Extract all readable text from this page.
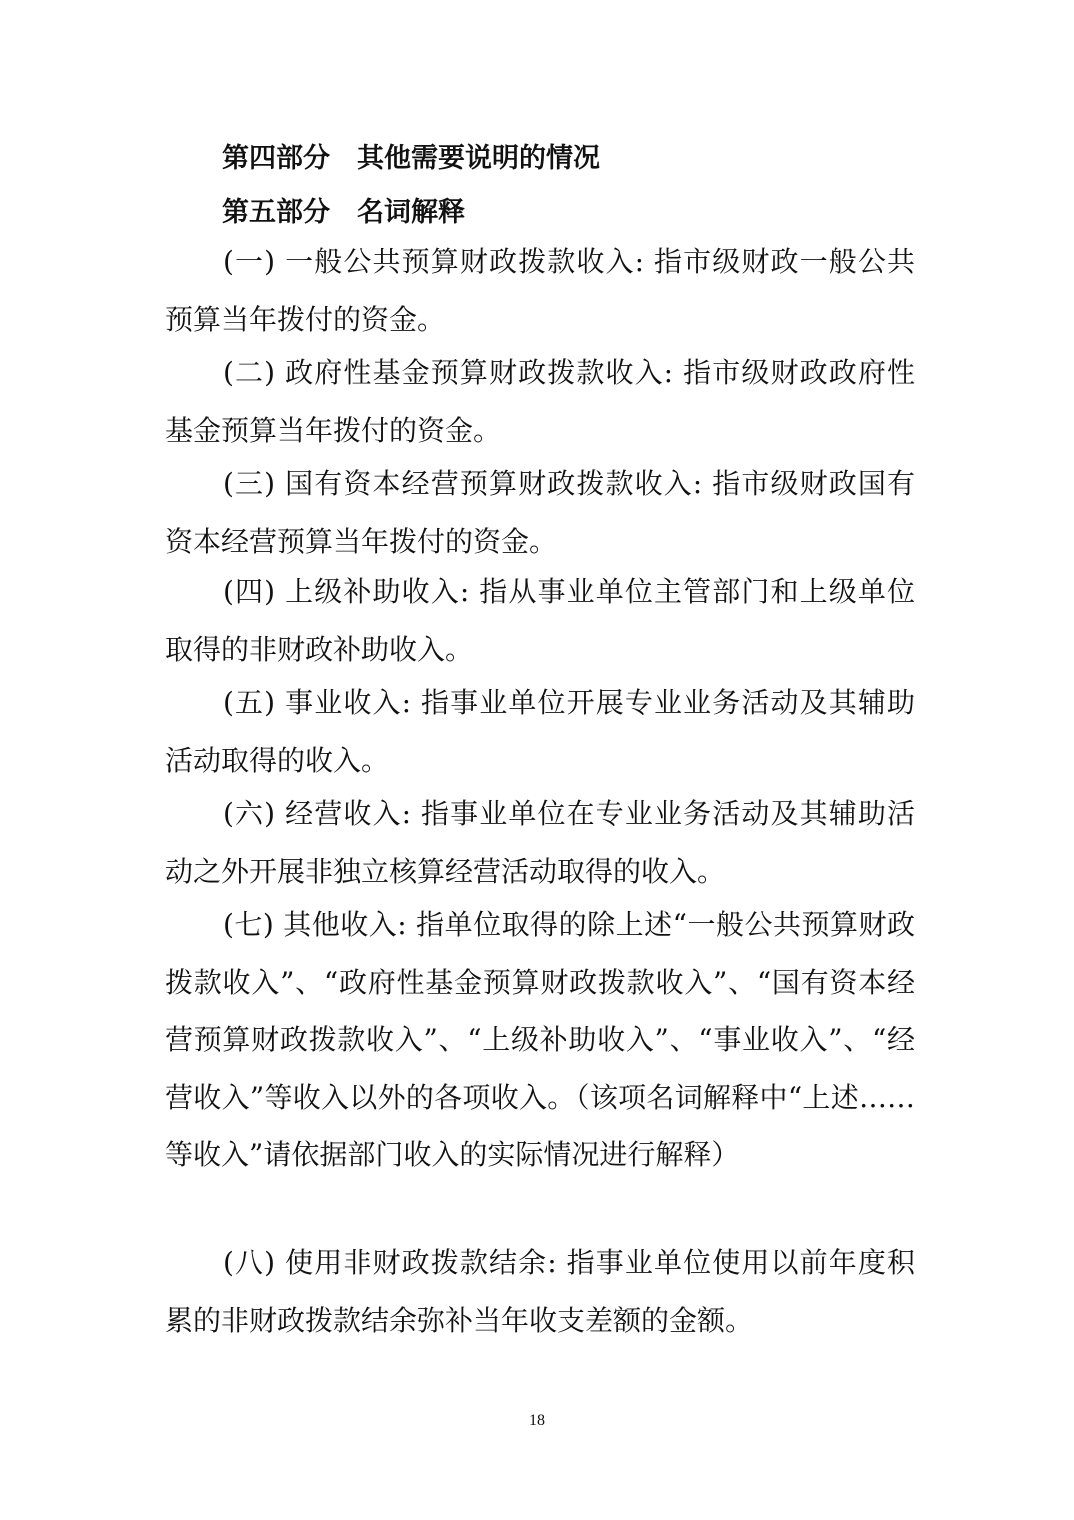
第四部分　其他需要说明的情况
第五部分　名词解释

(一) 一般公共预算财政拨款收入: 指市级财政一般公共预算当年拨付的资金。

(二) 政府性基金预算财政拨款收入: 指市级财政政府性基金预算当年拨付的资金。

(三) 国有资本经营预算财政拨款收入: 指市级财政国有资本经营预算当年拨付的资金。

(四) 上级补助收入: 指从事业单位主管部门和上级单位取得的非财政补助收入。

(五) 事业收入: 指事业单位开展专业业务活动及其辅助活动取得的收入。

(六) 经营收入: 指事业单位在专业业务活动及其辅助活动之外开展非独立核算经营活动取得的收入。

(七) 其他收入: 指单位取得的除上述“一般公共预算财政拨款收入”、“政府性基金预算财政拨款收入”、“国有资本经营预算财政拨款收入”、“上级补助收入”、“事业收入”、“经营收入”等收入以外的各项收入。（该项名词解释中“上述……等收入”请依据部门收入的实际情况进行解释）

(八) 使用非财政拨款结余: 指事业单位使用以前年度积累的非财政拨款结余弥补当年收支差额的金额。

18
